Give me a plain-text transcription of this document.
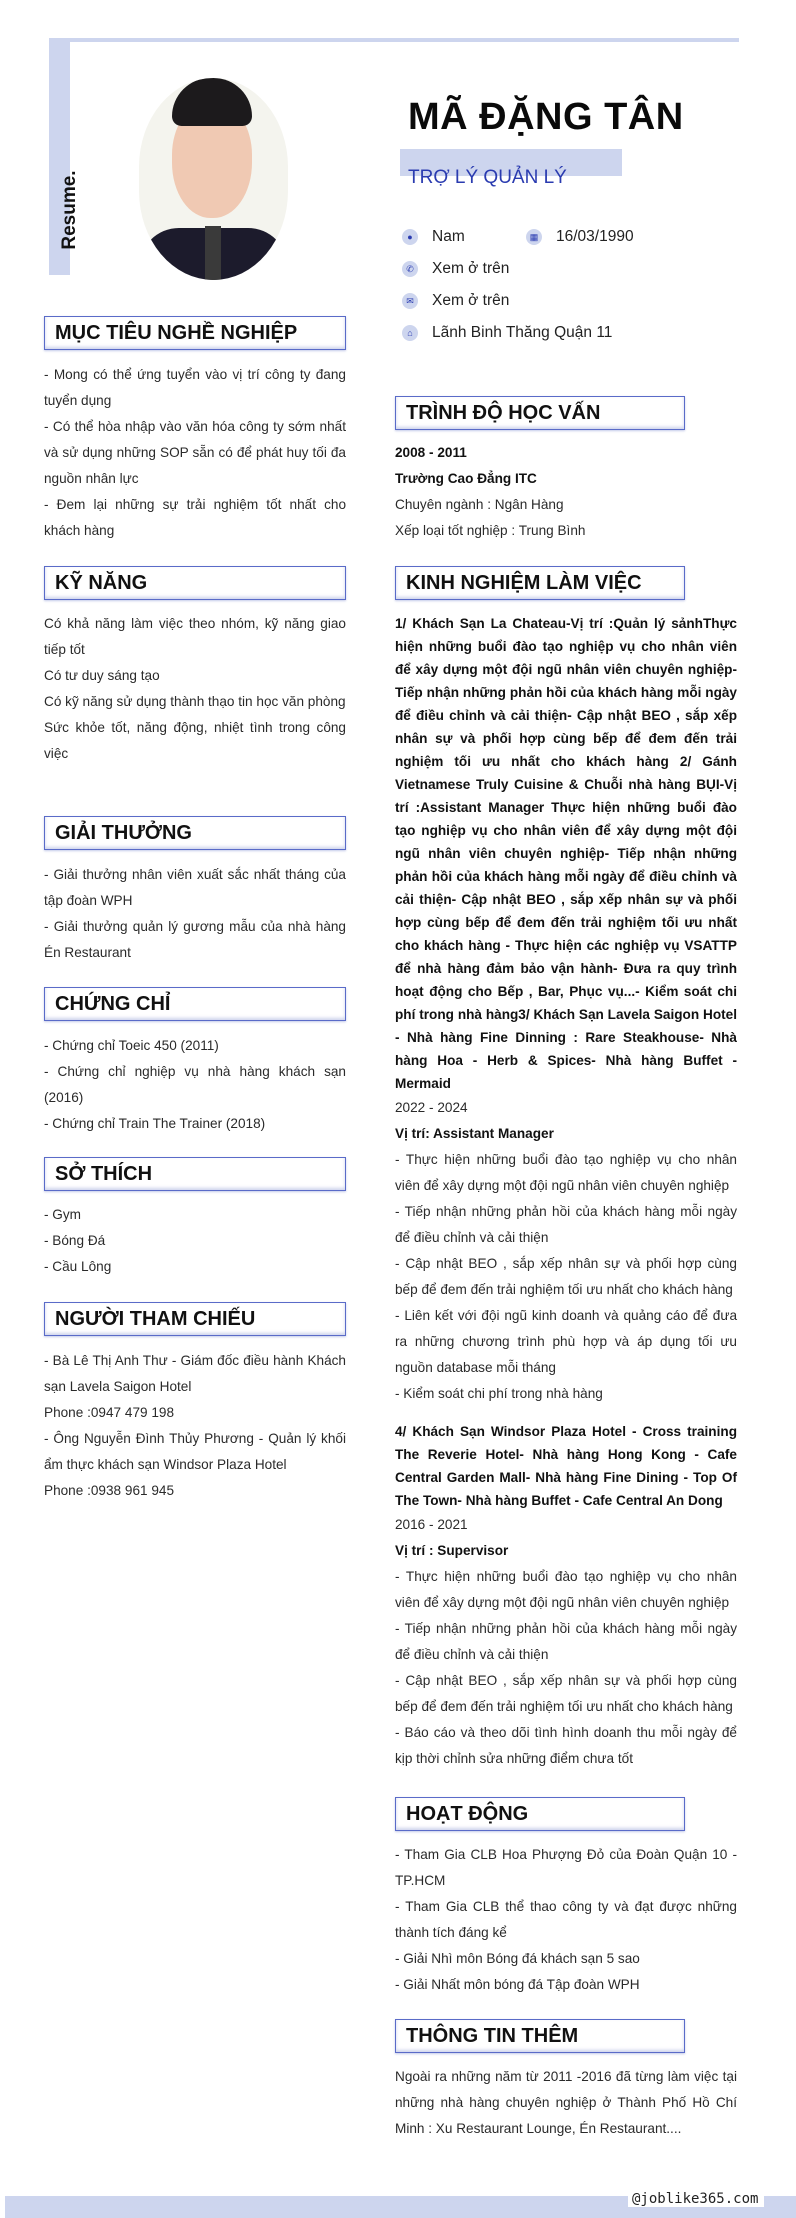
Resume.
MÃ ĐẶNG TÂN
TRỢ LÝ QUẢN LÝ
●	Nam	▦ 16/03/1990
✆ Xem ở trên
✉ Xem ở trên
⌂	Lãnh Binh Thăng Quận 11
MỤC TIÊU NGHỀ NGHIỆP

- Mong có thể ứng tuyển vào vị trí công ty đang tuyển dụng

- Có thể hòa nhập vào văn hóa công ty sớm nhất và sử dụng những SOP sẵn có để phát huy tối đa nguồn nhân lực

- Đem lại những sự trải nghiệm tốt nhất cho khách hàng

KỸ NĂNG

Có khả năng làm việc theo nhóm, kỹ năng giao tiếp tốt

Có tư duy sáng tạo

Có kỹ năng sử dụng thành thạo tin học văn phòng

Sức khỏe tốt, năng động, nhiệt tình trong công việc

GIẢI THƯỞNG

- Giải thưởng nhân viên xuất sắc nhất tháng của tập đoàn WPH

- Giải thưởng quản lý gương mẫu của nhà hàng Én Restaurant

CHỨNG CHỈ

- Chứng chỉ Toeic 450 (2011)

- Chứng chỉ nghiệp vụ nhà hàng khách sạn (2016)

- Chứng chỉ Train The Trainer (2018)

SỞ THÍCH

- Gym

- Bóng Đá

- Cầu Lông

NGƯỜI THAM CHIẾU

- Bà Lê Thị Anh Thư - Giám đốc điều hành Khách sạn Lavela Saigon Hotel

Phone :0947 479 198

- Ông Nguyễn Đình Thủy Phương - Quản lý khối ẩm thực khách sạn Windsor Plaza Hotel

Phone :0938 961 945

TRÌNH ĐỘ HỌC VẤN

2008 - 2011

Trường Cao Đẳng ITC

Chuyên ngành : Ngân Hàng

Xếp loại tốt nghiệp : Trung Bình

KINH NGHIỆM LÀM VIỆC

1/ Khách Sạn La Chateau-Vị trí :Quản lý sảnhThực hiện những buổi đào tạo nghiệp vụ cho nhân viên để xây dựng một đội ngũ nhân viên chuyên nghiệp- Tiếp nhận những phản hồi của khách hàng mỗi ngày để điều chỉnh và cải thiện- Cập nhật BEO , sắp xếp nhân sự và phối hợp cùng bếp để đem đến trải nghiệm tối ưu nhất cho khách hàng 2/ Gánh Vietnamese Truly Cuisine & Chuỗi nhà hàng BỤI-Vị trí :Assistant Manager Thực hiện những buổi đào tạo nghiệp vụ cho nhân viên để xây dựng một đội ngũ nhân viên chuyên nghiệp- Tiếp nhận những phản hồi của khách hàng mỗi ngày để điều chỉnh và cải thiện- Cập nhật BEO , sắp xếp nhân sự và phối hợp cùng bếp để đem đến trải nghiệm tối ưu nhất cho khách hàng - Thực hiện các nghiệp vụ VSATTP để nhà hàng đảm bảo vận hành- Đưa ra quy trình hoạt động cho Bếp , Bar, Phục vụ...- Kiểm soát chi phí trong nhà hàng3/ Khách Sạn Lavela Saigon Hotel - Nhà hàng Fine Dinning : Rare Steakhouse- Nhà hàng Hoa - Herb & Spices- Nhà hàng Buffet - Mermaid

2022 - 2024

Vị trí: Assistant Manager

- Thực hiện những buổi đào tạo nghiệp vụ cho nhân viên để xây dựng một đội ngũ nhân viên chuyên nghiệp

- Tiếp nhận những phản hồi của khách hàng mỗi ngày để điều chỉnh và cải thiện

- Cập nhật BEO , sắp xếp nhân sự và phối hợp cùng bếp để đem đến trải nghiệm tối ưu nhất cho khách hàng

- Liên kết với đội ngũ kinh doanh và quảng cáo để đưa ra những chương trình phù hợp và áp dụng tối ưu nguồn database mỗi tháng

- Kiểm soát chi phí trong nhà hàng

4/ Khách Sạn Windsor Plaza Hotel - Cross training The Reverie Hotel- Nhà hàng Hong Kong - Cafe Central Garden Mall- Nhà hàng Fine Dining - Top Of The Town- Nhà hàng Buffet - Cafe Central An Dong

2016 - 2021

Vị trí : Supervisor

- Thực hiện những buổi đào tạo nghiệp vụ cho nhân viên để xây dựng một đội ngũ nhân viên chuyên nghiệp

- Tiếp nhận những phản hồi của khách hàng mỗi ngày để điều chỉnh và cải thiện

- Cập nhật BEO , sắp xếp nhân sự và phối hợp cùng bếp để đem đến trải nghiệm tối ưu nhất cho khách hàng

- Báo cáo và theo dõi tình hình doanh thu mỗi ngày để kịp thời chỉnh sửa những điểm chưa tốt

HOẠT ĐỘNG

- Tham Gia CLB Hoa Phượng Đỏ của Đoàn Quận 10 - TP.HCM

- Tham Gia CLB thể thao công ty và đạt được những thành tích đáng kể

- Giải Nhì môn Bóng đá khách sạn 5 sao

- Giải Nhất môn bóng đá Tập đoàn WPH

THÔNG TIN THÊM

Ngoài ra những năm từ 2011 -2016 đã từng làm việc tại những nhà hàng chuyên nghiệp ở Thành Phố Hồ Chí Minh : Xu Restaurant Lounge, Én Restaurant....

@joblike365.com
